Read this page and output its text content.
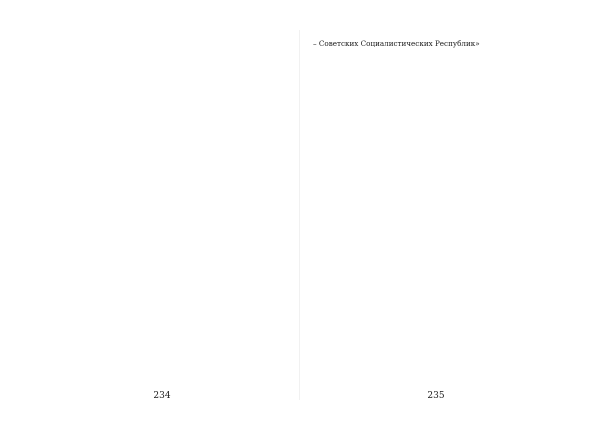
– Советских Социалистических Республик»
234	235
